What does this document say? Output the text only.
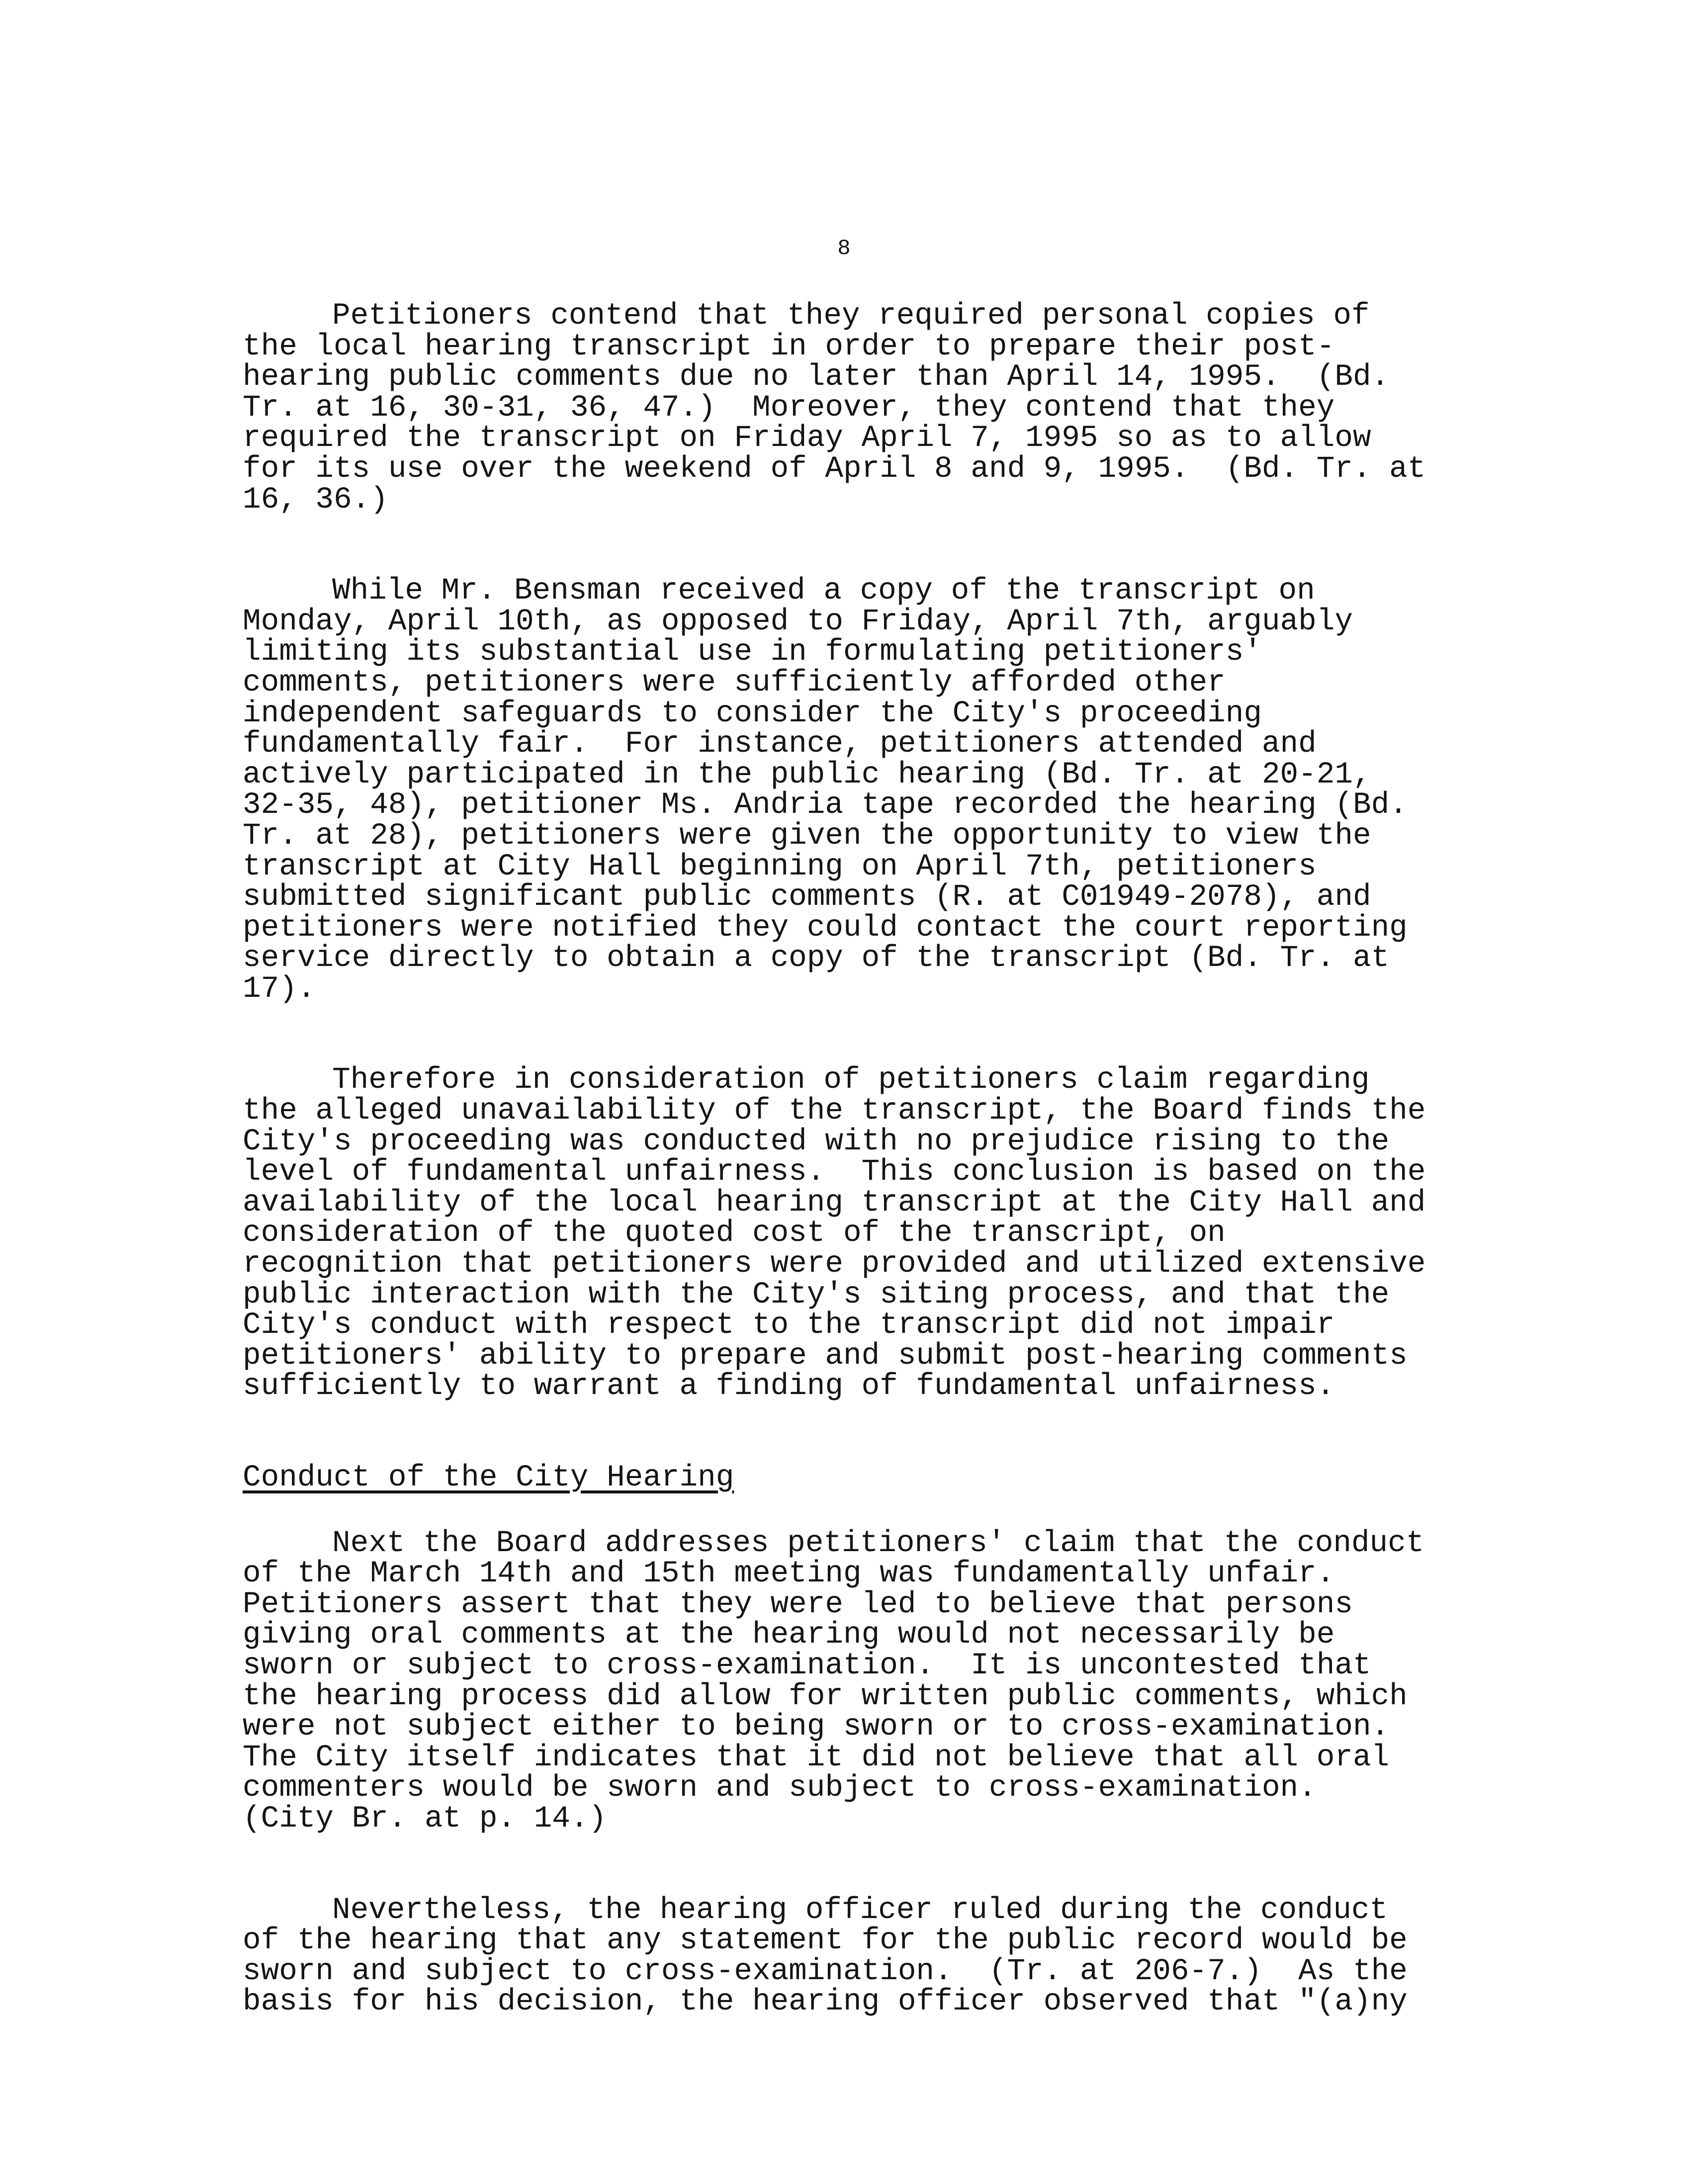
8

Petitioners contend that they required personal copies of
the local hearing transcript in order to prepare their post-
hearing public comments due no later than April 14, 1995.  (Bd.
Tr. at 16, 30-31, 36, 47.)  Moreover, they contend that they
required the transcript on Friday April 7, 1995 so as to allow
for its use over the weekend of April 8 and 9, 1995.  (Bd. Tr. at
16, 36.)

While Mr. Bensman received a copy of the transcript on
Monday, April 10th, as opposed to Friday, April 7th, arguably
limiting its substantial use in formulating petitioners'
comments, petitioners were sufficiently afforded other
independent safeguards to consider the City's proceeding
fundamentally fair.  For instance, petitioners attended and
actively participated in the public hearing (Bd. Tr. at 20-21,
32-35, 48), petitioner Ms. Andria tape recorded the hearing (Bd.
Tr. at 28), petitioners were given the opportunity to view the
transcript at City Hall beginning on April 7th, petitioners
submitted significant public comments (R. at C01949-2078), and
petitioners were notified they could contact the court reporting
service directly to obtain a copy of the transcript (Bd. Tr. at
17).

Therefore in consideration of petitioners claim regarding
the alleged unavailability of the transcript, the Board finds the
City's proceeding was conducted with no prejudice rising to the
level of fundamental unfairness.  This conclusion is based on the
availability of the local hearing transcript at the City Hall and
consideration of the quoted cost of the transcript, on
recognition that petitioners were provided and utilized extensive
public interaction with the City's siting process, and that the
City's conduct with respect to the transcript did not impair
petitioners' ability to prepare and submit post-hearing comments
sufficiently to warrant a finding of fundamental unfairness.

Conduct of the City Hearing

Next the Board addresses petitioners' claim that the conduct
of the March 14th and 15th meeting was fundamentally unfair.
Petitioners assert that they were led to believe that persons
giving oral comments at the hearing would not necessarily be
sworn or subject to cross-examination.  It is uncontested that
the hearing process did allow for written public comments, which
were not subject either to being sworn or to cross-examination.
The City itself indicates that it did not believe that all oral
commenters would be sworn and subject to cross-examination.
(City Br. at p. 14.)

Nevertheless, the hearing officer ruled during the conduct
of the hearing that any statement for the public record would be
sworn and subject to cross-examination.  (Tr. at 206-7.)  As the
basis for his decision, the hearing officer observed that "(a)ny
